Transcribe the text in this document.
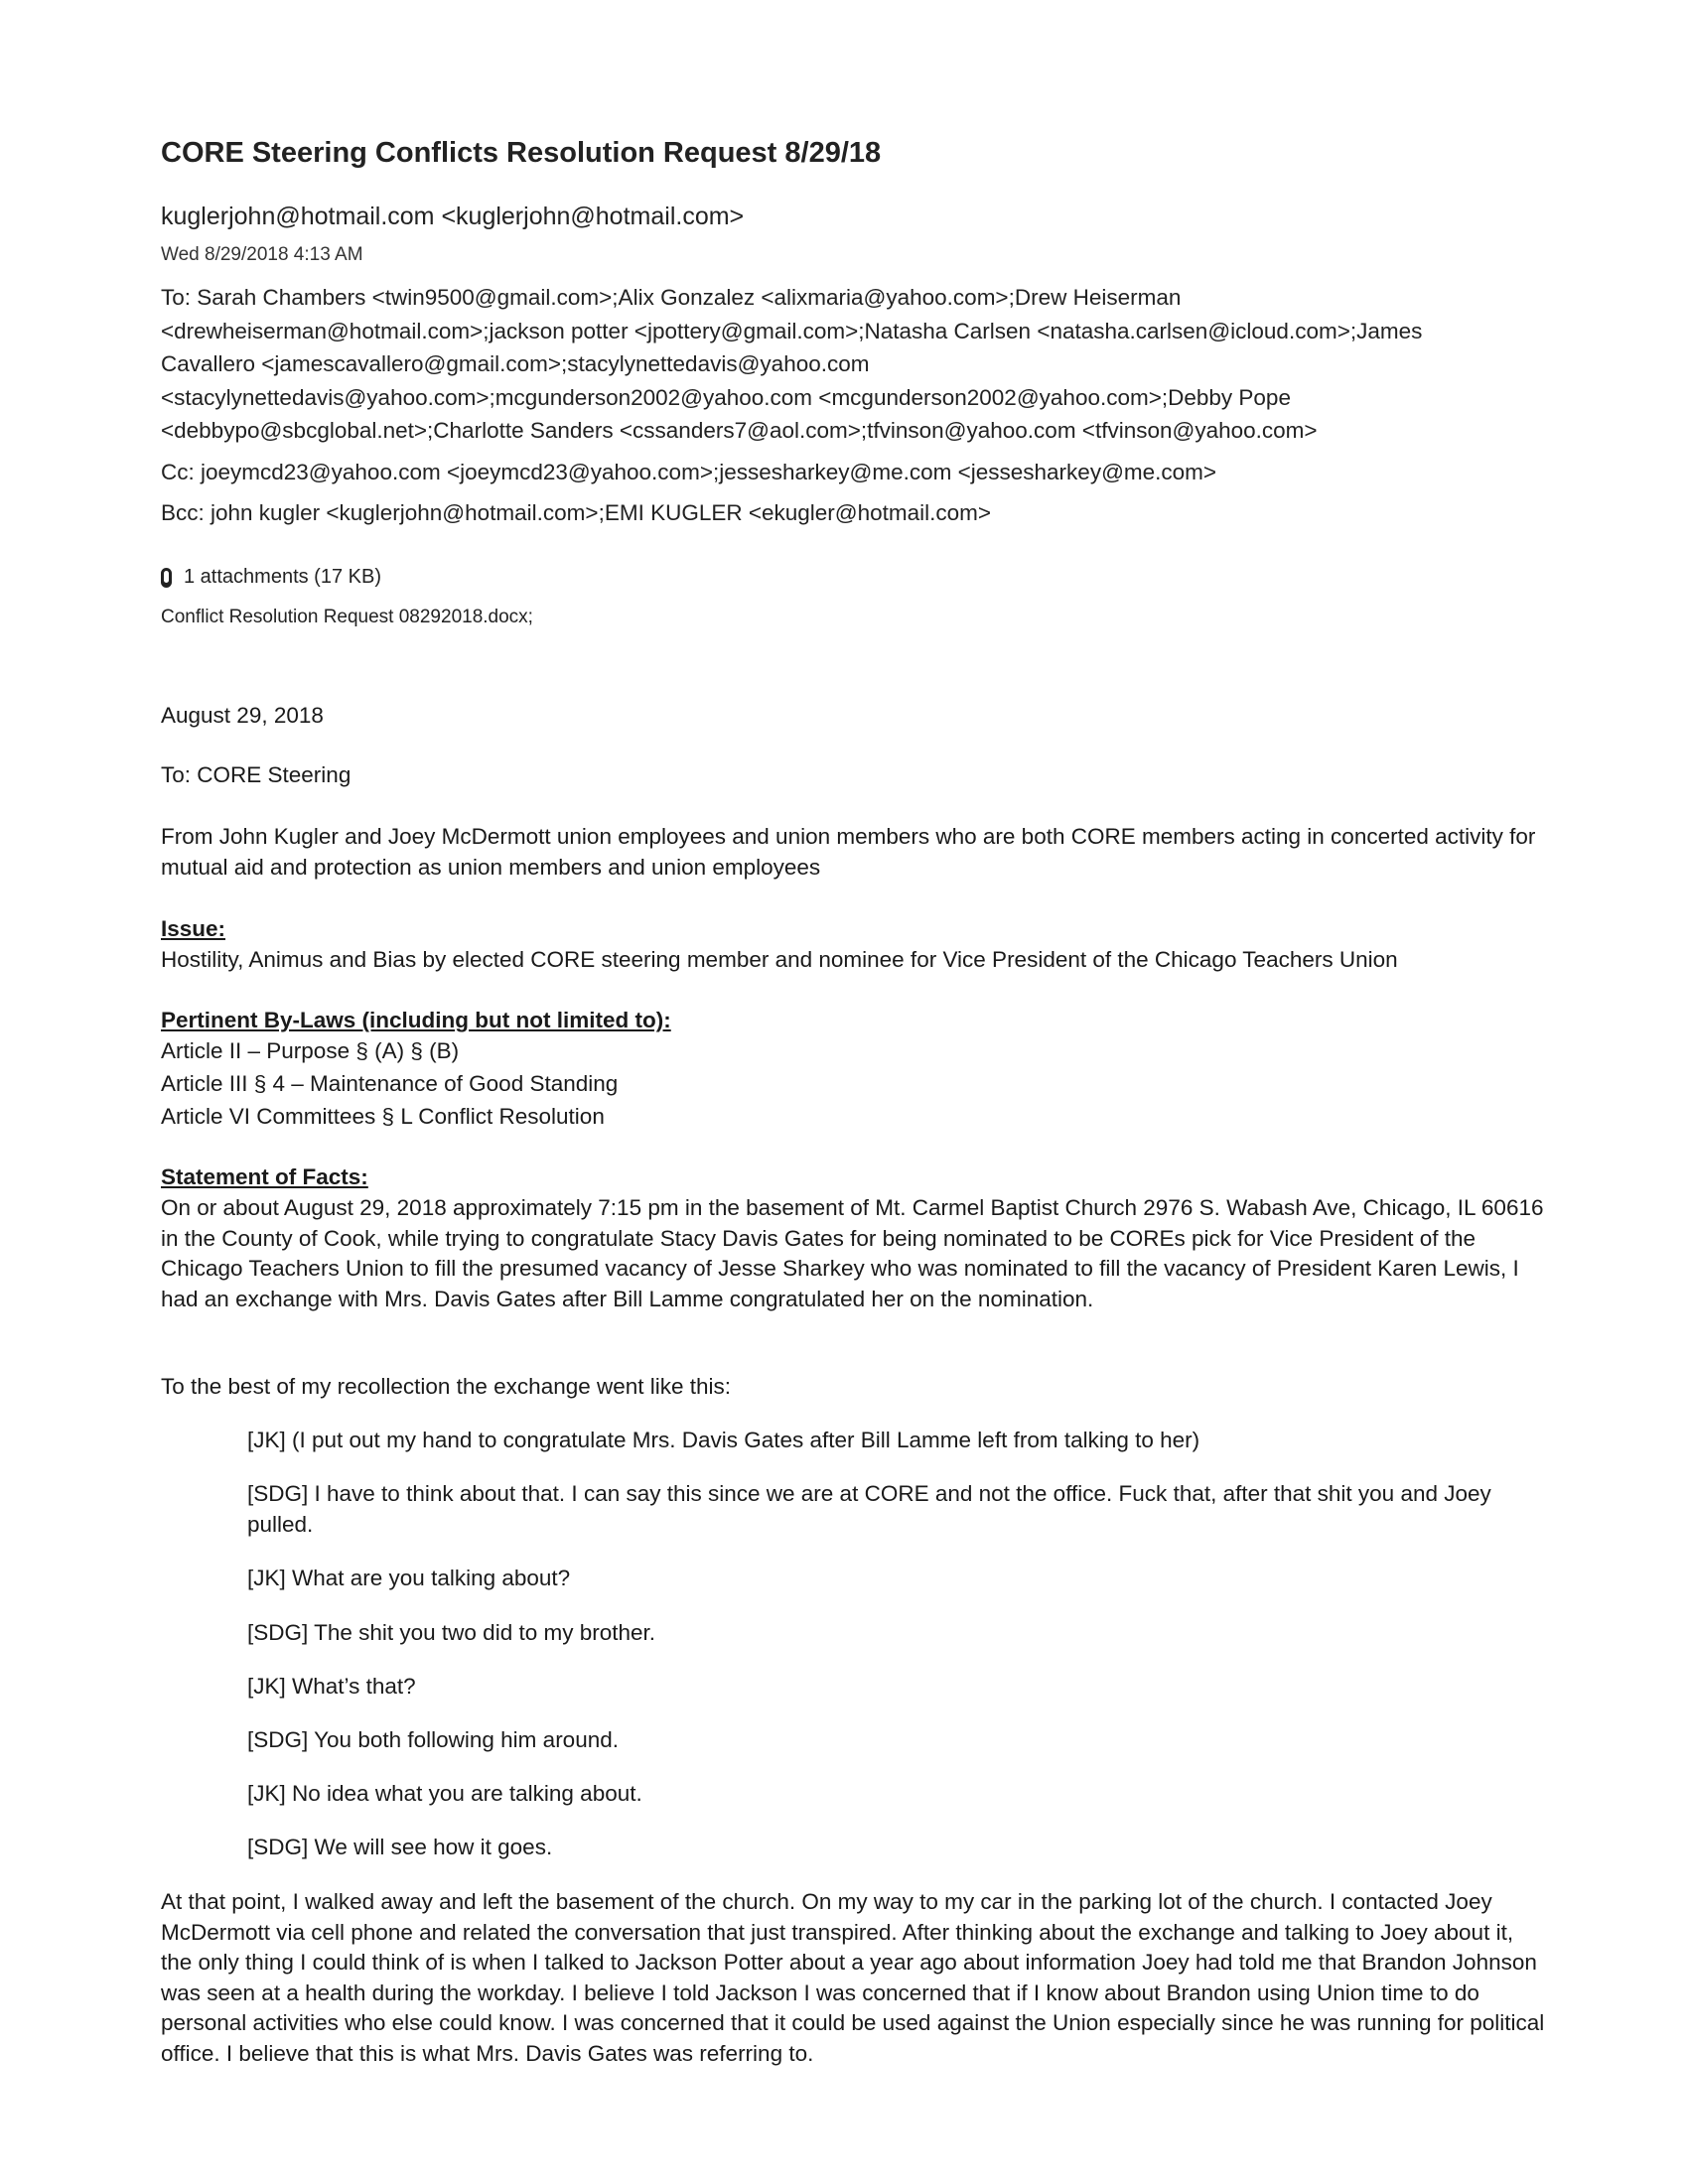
CORE Steering Conflicts Resolution Request 8/29/18
kuglerjohn@hotmail.com <kuglerjohn@hotmail.com>
Wed 8/29/2018 4:13 AM
To: Sarah Chambers <twin9500@gmail.com>;Alix Gonzalez <alixmaria@yahoo.com>;Drew Heiserman <drewheiserman@hotmail.com>;jackson potter <jpottery@gmail.com>;Natasha Carlsen <natasha.carlsen@icloud.com>;James Cavallero <jamescavallero@gmail.com>;stacylynettedavis@yahoo.com <stacylynettedavis@yahoo.com>;mcgunderson2002@yahoo.com <mcgunderson2002@yahoo.com>;Debby Pope <debbypo@sbcglobal.net>;Charlotte Sanders <cssanders7@aol.com>;tfvinson@yahoo.com <tfvinson@yahoo.com>
Cc: joeymcd23@yahoo.com <joeymcd23@yahoo.com>;jessesharkey@me.com <jessesharkey@me.com>
Bcc: john kugler <kuglerjohn@hotmail.com>;EMI KUGLER <ekugler@hotmail.com>
1 attachments (17 KB)
Conflict Resolution Request 08292018.docx;
August 29, 2018
To: CORE Steering
From John Kugler and Joey McDermott union employees and union members who are both CORE members acting in concerted activity for mutual aid and protection as union members and union employees
Issue:
Hostility, Animus and Bias by elected CORE steering member and nominee for Vice President of the Chicago Teachers Union
Pertinent By-Laws (including but not limited to):
Article II – Purpose § (A) § (B)
Article III § 4 – Maintenance of Good Standing
Article VI Committees § L Conflict Resolution
Statement of Facts:
On or about August 29, 2018 approximately 7:15 pm in the basement of Mt. Carmel Baptist Church 2976 S. Wabash Ave, Chicago, IL 60616 in the County of Cook, while trying to congratulate Stacy Davis Gates for being nominated to be COREs pick for Vice President of the Chicago Teachers Union to fill the presumed vacancy of Jesse Sharkey who was nominated to fill the vacancy of President Karen Lewis, I had an exchange with Mrs. Davis Gates after Bill Lamme congratulated her on the nomination.
To the best of my recollection the exchange went like this:
[JK] (I put out my hand to congratulate Mrs. Davis Gates after Bill Lamme left from talking to her)
[SDG] I have to think about that. I can say this since we are at CORE and not the office. Fuck that, after that shit you and Joey pulled.
[JK] What are you talking about?
[SDG] The shit you two did to my brother.
[JK] What’s that?
[SDG] You both following him around.
[JK] No idea what you are talking about.
[SDG] We will see how it goes.
At that point, I walked away and left the basement of the church. On my way to my car in the parking lot of the church. I contacted Joey McDermott via cell phone and related the conversation that just transpired. After thinking about the exchange and talking to Joey about it, the only thing I could think of is when I talked to Jackson Potter about a year ago about information Joey had told me that Brandon Johnson was seen at a health during the workday. I believe I told Jackson I was concerned that if I know about Brandon using Union time to do personal activities who else could know. I was concerned that it could be used against the Union especially since he was running for political office. I believe that this is what Mrs. Davis Gates was referring to.
